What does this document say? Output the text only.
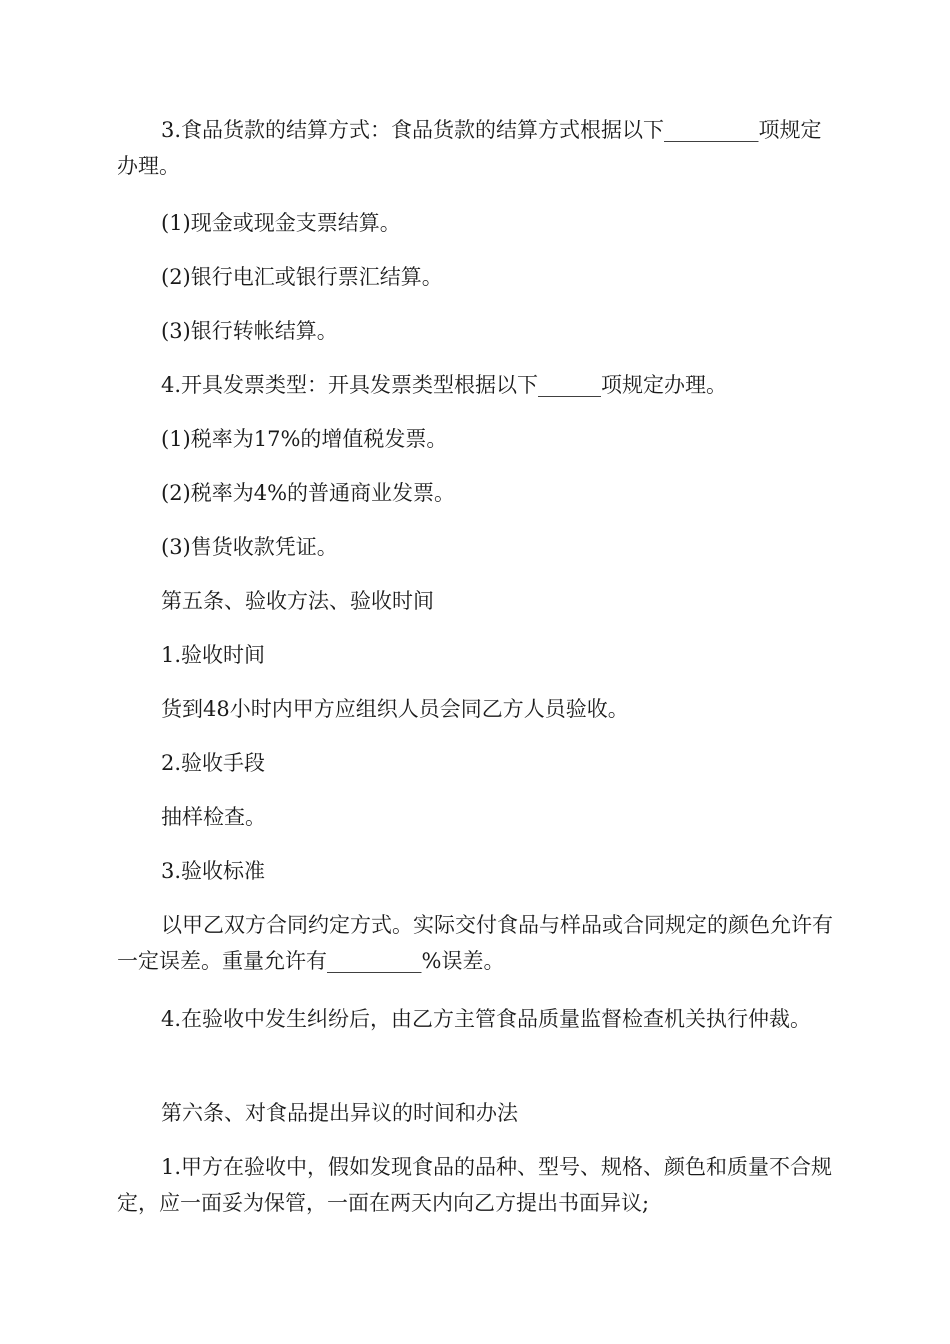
3.食品货款的结算方式：食品货款的结算方式根据以下_________项规定办理。
(1)现金或现金支票结算。
(2)银行电汇或银行票汇结算。
(3)银行转帐结算。
4.开具发票类型：开具发票类型根据以下______项规定办理。
(1)税率为17%的增值税发票。
(2)税率为4%的普通商业发票。
(3)售货收款凭证。
第五条、验收方法、验收时间
1.验收时间
货到48小时内甲方应组织人员会同乙方人员验收。
2.验收手段
抽样检查。
3.验收标准
以甲乙双方合同约定方式。实际交付食品与样品或合同规定的颜色允许有一定误差。重量允许有_________%误差。
4.在验收中发生纠纷后，由乙方主管食品质量监督检查机关执行仲裁。
第六条、对食品提出异议的时间和办法
1.甲方在验收中，假如发现食品的品种、型号、规格、颜色和质量不合规定，应一面妥为保管，一面在两天内向乙方提出书面异议;
